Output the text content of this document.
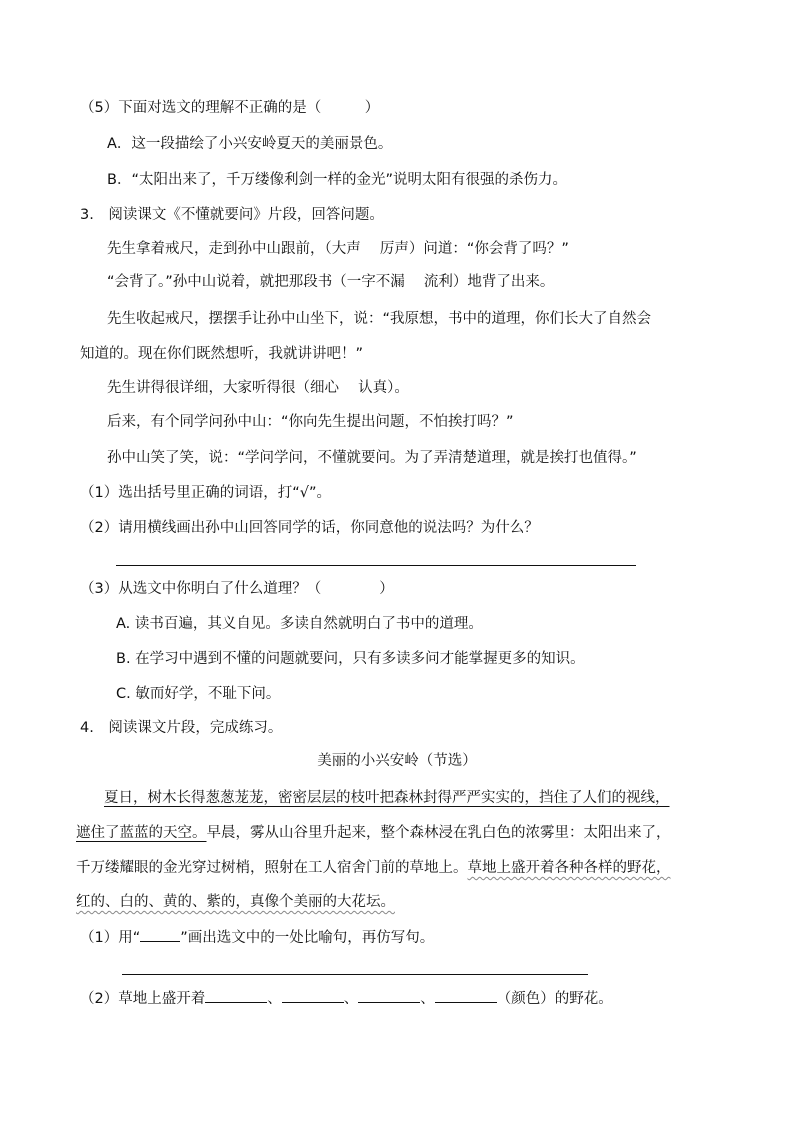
（5）下面对选文的理解不正确的是（　　　）
A．这一段描绘了小兴安岭夏天的美丽景色。
B．“太阳出来了，千万缕像利剑一样的金光”说明太阳有很强的杀伤力。
3.　阅读课文《不懂就要问》片段，回答问题。
先生拿着戒尺，走到孙中山跟前，（大声　 厉声）问道：“你会背了吗？”
“会背了。”孙中山说着，就把那段书（一字不漏　 流利）地背了出来。
先生收起戒尺，摆摆手让孙中山坐下，说：“我原想，书中的道理，你们长大了自然会
知道的。现在你们既然想听，我就讲讲吧！”
先生讲得很详细，大家听得很（细心　 认真）。
后来，有个同学问孙中山：“你向先生提出问题，不怕挨打吗？”
孙中山笑了笑，说：“学问学问，不懂就要问。为了弄清楚道理，就是挨打也值得。”
（1）选出括号里正确的词语，打“√”。
（2）请用横线画出孙中山回答同学的话，你同意他的说法吗？为什么？
（3）从选文中你明白了什么道理？（　　　　）
A. 读书百遍，其义自见。多读自然就明白了书中的道理。
B. 在学习中遇到不懂的问题就要问，只有多读多问才能掌握更多的知识。
C. 敏而好学，不耻下问。
4.　阅读课文片段，完成练习。
美丽的小兴安岭（节选）
夏日，树木长得葱葱茏茏，密密层层的枝叶把森林封得严严实实的，挡住了人们的视线，
遮住了蓝蓝的天空。早晨，雾从山谷里升起来，整个森林浸在乳白色的浓雾里：太阳出来了，
千万缕耀眼的金光穿过树梢，照射在工人宿舍门前的草地上。草地上盛开着各种各样的野花，
红的、白的、黄的、紫的，真像个美丽的大花坛。
（1）用“	”画出选文中的一处比喻句，再仿写句。
（2）草地上盛开着	、	、	、	（颜色）的野花。
